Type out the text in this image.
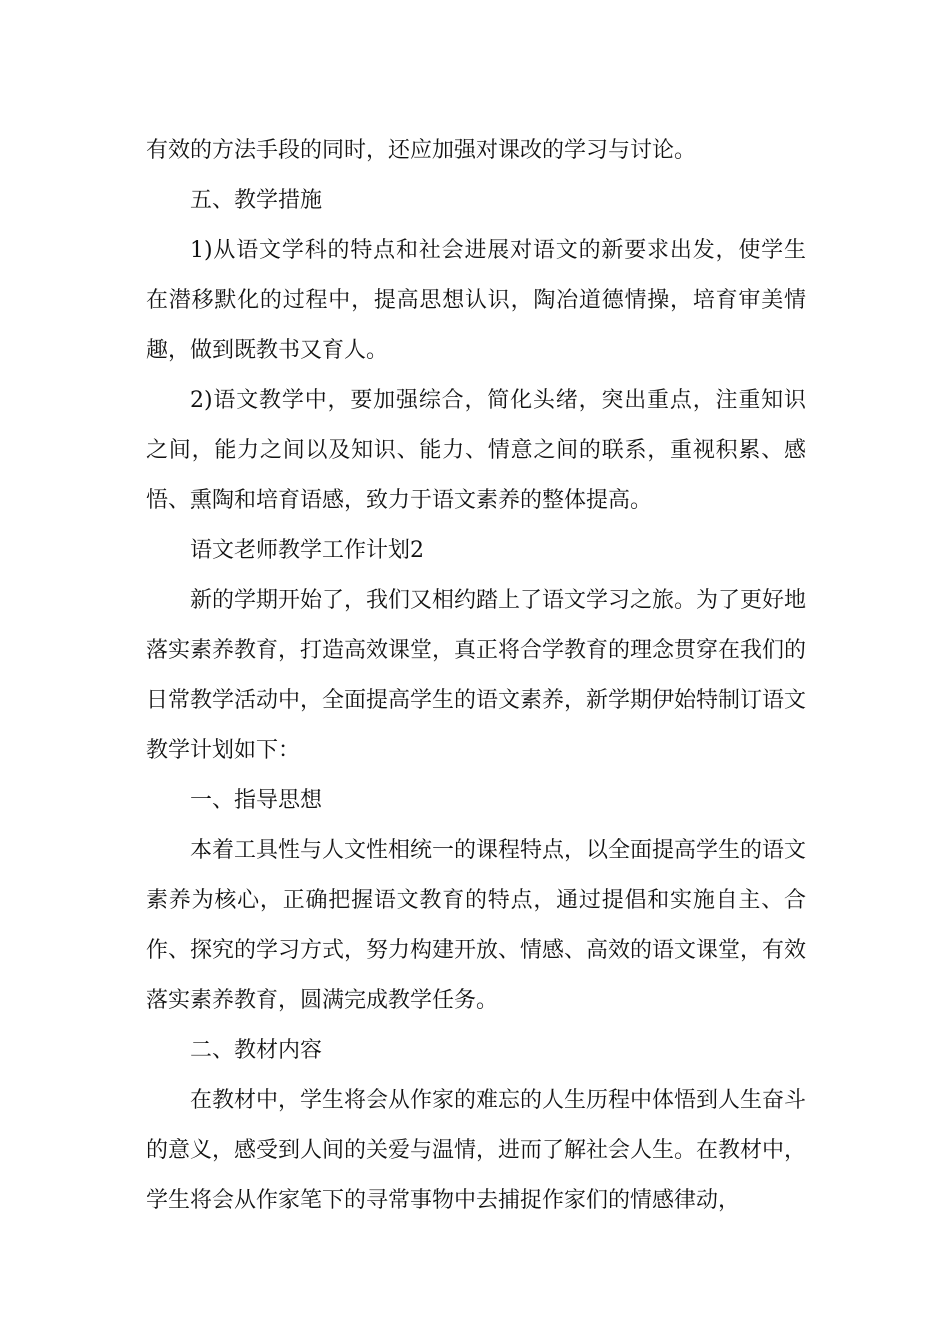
有效的方法手段的同时，还应加强对课改的学习与讨论。

五、教学措施

1)从语文学科的特点和社会进展对语文的新要求出发，使学生在潜移默化的过程中，提高思想认识，陶冶道德情操，培育审美情趣，做到既教书又育人。

2)语文教学中，要加强综合，简化头绪，突出重点，注重知识之间，能力之间以及知识、能力、情意之间的联系，重视积累、感悟、熏陶和培育语感，致力于语文素养的整体提高。

语文老师教学工作计划2

新的学期开始了，我们又相约踏上了语文学习之旅。为了更好地落实素养教育，打造高效课堂，真正将合学教育的理念贯穿在我们的日常教学活动中，全面提高学生的语文素养，新学期伊始特制订语文教学计划如下：

一、指导思想

本着工具性与人文性相统一的课程特点，以全面提高学生的语文素养为核心，正确把握语文教育的特点，通过提倡和实施自主、合作、探究的学习方式，努力构建开放、情感、高效的语文课堂，有效落实素养教育，圆满完成教学任务。

二、教材内容

在教材中，学生将会从作家的难忘的人生历程中体悟到人生奋斗的意义，感受到人间的关爱与温情，进而了解社会人生。在教材中，学生将会从作家笔下的寻常事物中去捕捉作家们的情感律动，
